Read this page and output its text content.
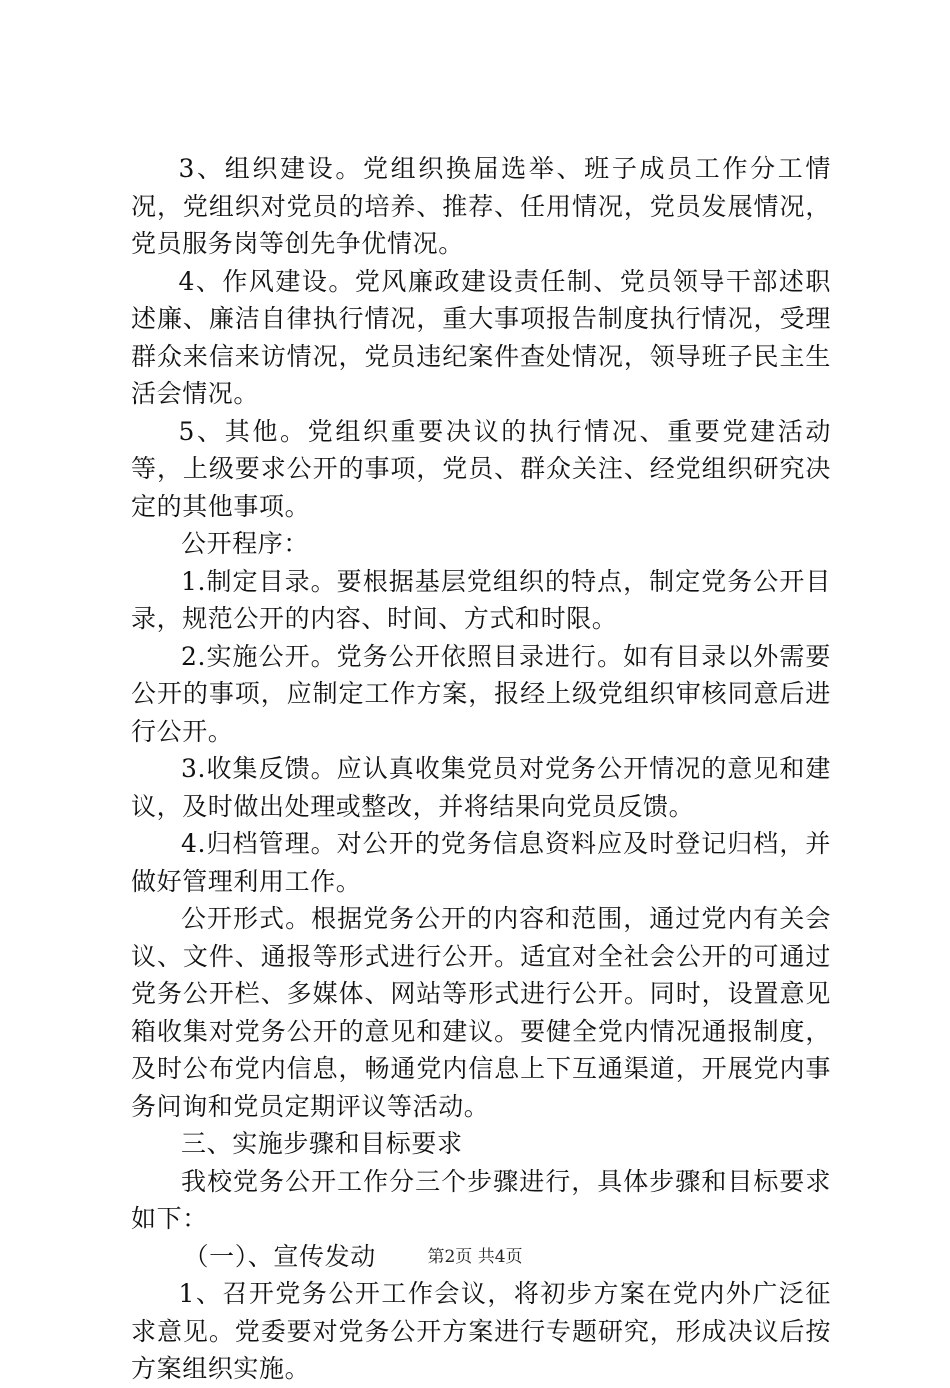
3、组织建设。党组织换届选举、班子成员工作分工情况，党组织对党员的培养、推荐、任用情况，党员发展情况，党员服务岗等创先争优情况。

4、作风建设。党风廉政建设责任制、党员领导干部述职述廉、廉洁自律执行情况，重大事项报告制度执行情况，受理群众来信来访情况，党员违纪案件查处情况，领导班子民主生活会情况。

5、其他。党组织重要决议的执行情况、重要党建活动等，上级要求公开的事项，党员、群众关注、经党组织研究决定的其他事项。

公开程序：

1.制定目录。要根据基层党组织的特点，制定党务公开目录，规范公开的内容、时间、方式和时限。

2.实施公开。党务公开依照目录进行。如有目录以外需要公开的事项，应制定工作方案，报经上级党组织审核同意后进行公开。

3.收集反馈。应认真收集党员对党务公开情况的意见和建议，及时做出处理或整改，并将结果向党员反馈。

4.归档管理。对公开的党务信息资料应及时登记归档，并做好管理利用工作。

公开形式。根据党务公开的内容和范围，通过党内有关会议、文件、通报等形式进行公开。适宜对全社会公开的可通过党务公开栏、多媒体、网站等形式进行公开。同时，设置意见箱收集对党务公开的意见和建议。要健全党内情况通报制度，及时公布党内信息，畅通党内信息上下互通渠道，开展党内事务问询和党员定期评议等活动。

三、实施步骤和目标要求

我校党务公开工作分三个步骤进行，具体步骤和目标要求如下：

（一）、宣传发动

1、召开党务公开工作会议，将初步方案在党内外广泛征求意见。党委要对党务公开方案进行专题研究，形成决议后按方案组织实施。

第2页 共4页
